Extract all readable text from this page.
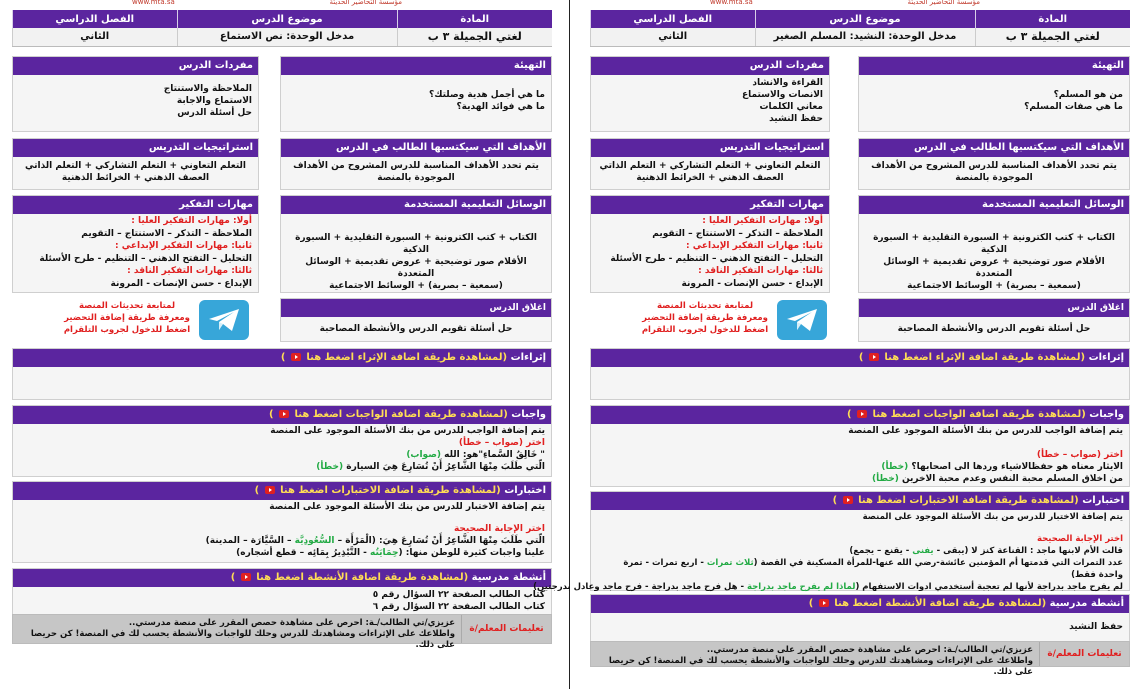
مؤسسة التحاضير الحديثة
www.mta.sa
المادة	موضوع الدرس	الفصل الدراسي
لغتي الجميلة ٣ ب	مدخل الوحدة: نص الاستماع	الثاني
التهيئة
ما هي أجمل هدية وصلتك؟
ما هي فوائد الهدية؟
مفردات الدرس
الملاحظة والاستنتاج
الاستماع والاجابة
حل أسئلة الدرس
الأهداف التي سيكتسبها الطالب في الدرس
يتم تحدد الأهداف المناسبة للدرس المشروح من الأهداف الموجودة بالمنصة
استراتيجيات التدريس
التعلم التعاوني + التعلم التشاركي + التعلم الذاتي
العصف الذهني + الخرائط الذهنية
الوسائل التعليمية المستخدمة
الكتاب + كتب الكترونية + السبورة التقليدية + السبورة الذكية
الأقلام صور توضيحية + عروض تقديمية + الوسائل المتعددة
(سمعية – بصرية) + الوسائط الاجتماعية
مهارات التفكير
أولا: مهارات التفكير العليا :
الملاحظة – التذكر – الاستنتاج – التقويم
ثانيا: مهارات التفكير الإبداعي :
التحليل – التفتح الذهني – التنظيم - طرح الأسئلة
ثالثا: مهارات التفكير الناقد :
الإبداع - حسن الإنصات - المرونة
اغلاق الدرس
حل أسئلة تقويم الدرس والأنشطة المصاحبة
لمتابعة تحديثات المنصة
ومعرفة طريقة إضافة التحضير
اضغط للدخول لجروب التلقرام
إثراءات (لمشاهدة طريقة اضافة الإثراء اضغط هنا  )
واجبات (لمشاهدة طريقة اضافة الواجبات اضغط هنا  )
يتم إضافة الواجب للدرس من بنك الأسئلة الموجود على المنصة
اختر (صواب – خطأ)
" خَالِقُ السَّماءِ"هو: الله (صواب)
الّتي طَلَبَ مِنْهَا الشَّاعِرُ أَنْ تُسَارِعَ هِيَ السيارة (خطأ)
اختبارات (لمشاهدة طريقة اضافة الاختبارات اضغط هنا  )
يتم إضافة الاختبار للدرس من بنك الأسئلة الموجود على المنصة
اختر الإجابة الصحيحة
الّتي طَلَبَ مِنْهَا الشَّاعِرُ أَنْ تُسَارِعَ هِيَ: (الْمَرْأَة – السُّعُودِيَّة – السَّيَّارَة – المدينة)
علينا واجبات كثيرة للوطن منها: (حِمَايَتُه - التَّبْذِيرُ بِمَائِه – قطع أشجاره)
أنشطة مدرسية (لمشاهدة طريقة اضافة الأنشطة اضغط هنا  )
كتاب الطالب الصفحة ٢٢ السؤال رقم ٥
كتاب الطالب الصفحة ٢٢ السؤال رقم ٦
تعليمات المعلم/ة
عزيزي/تي الطالب/ـة: احرص على مشاهدة حصص المقرر على منصة مدرستي..
واطلاعك على الإثراءات ومشاهدتك للدرس وحلك للواجبات والأنشطة يحسب لك في المنصة! كن حريصا على ذلك.
مؤسسة التحاضير الحديثة
www.mta.sa
المادة	موضوع الدرس	الفصل الدراسي
لغتي الجميلة ٣ ب	مدخل الوحدة: النشيد: المسلم الصغير	الثاني
التهيئة
من هو المسلم؟
ما هي صفات المسلم؟
مفردات الدرس
القراءة والانشاد
الانصات والاستماع
معاني الكلمات
حفظ النشيد
الأهداف التي سيكتسبها الطالب في الدرس
يتم تحدد الأهداف المناسبة للدرس المشروح من الأهداف الموجودة بالمنصة
استراتيجيات التدريس
التعلم التعاوني + التعلم التشاركي + التعلم الذاتي
العصف الذهني + الخرائط الذهنية
الوسائل التعليمية المستخدمة
الكتاب + كتب الكترونية + السبورة التقليدية + السبورة الذكية
الأقلام صور توضيحية + عروض تقديمية + الوسائل المتعددة
(سمعية – بصرية) + الوسائط الاجتماعية
مهارات التفكير
أولا: مهارات التفكير العليا :
الملاحظة – التذكر – الاستنتاج – التقويم
ثانيا: مهارات التفكير الإبداعي :
التحليل – التفتح الذهني – التنظيم - طرح الأسئلة
ثالثا: مهارات التفكير الناقد :
الإبداع - حسن الإنصات - المرونة
اغلاق الدرس
حل أسئلة تقويم الدرس والأنشطة المصاحبة
لمتابعة تحديثات المنصة
ومعرفة طريقة إضافة التحضير
اضغط للدخول لجروب التلقرام
إثراءات (لمشاهدة طريقة اضافة الإثراء اضغط هنا  )
واجبات (لمشاهدة طريقة اضافة الواجبات اضغط هنا  )
يتم إضافة الواجب للدرس من بنك الأسئلة الموجود على المنصة
اختر (صواب – خطأ)
الايثار معناه هو حفظالاشياء وردها الى اصحابها؟ (خطأ)
من اخلاق المسلم محبة النفس وعدم محبة الاخرين (خطأ)
اختبارات (لمشاهدة طريقة اضافة الاختبارات اضغط هنا  )
يتم إضافة الاختبار للدرس من بنك الأسئلة الموجود على المنصة
اختر الإجابة الصحيحة
قالت الأم لابنها ماجد : القناعة كنز لا (يبقى - يفنى - يقنع – يجمع)
عدد التمرات التي قدمتها أم المؤمنين عائشة-رضي الله عنها-للمرأة المسكينة في القصة (ثلاث تمرات - اربع تمرات - تمرة واحدة فقط)
لم يفرح ماجد بدراجة لأنها لم تعجبة أستخدمي ادوات الاستفهام (لماذا لم يفرح ماجد بدراجة - هل فرح ماجد بدراجة - فرح ماجد وعادل بدرجتين)
أنشطة مدرسية (لمشاهدة طريقة اضافة الأنشطة اضغط هنا  )
حفظ النشيد
تعليمات المعلم/ة
عزيزي/تي الطالب/ـة: احرص على مشاهدة حصص المقرر على منصة مدرستي..
واطلاعك على الإثراءات ومشاهدتك للدرس وحلك للواجبات والأنشطة يحسب لك في المنصة! كن حريصا على ذلك.
